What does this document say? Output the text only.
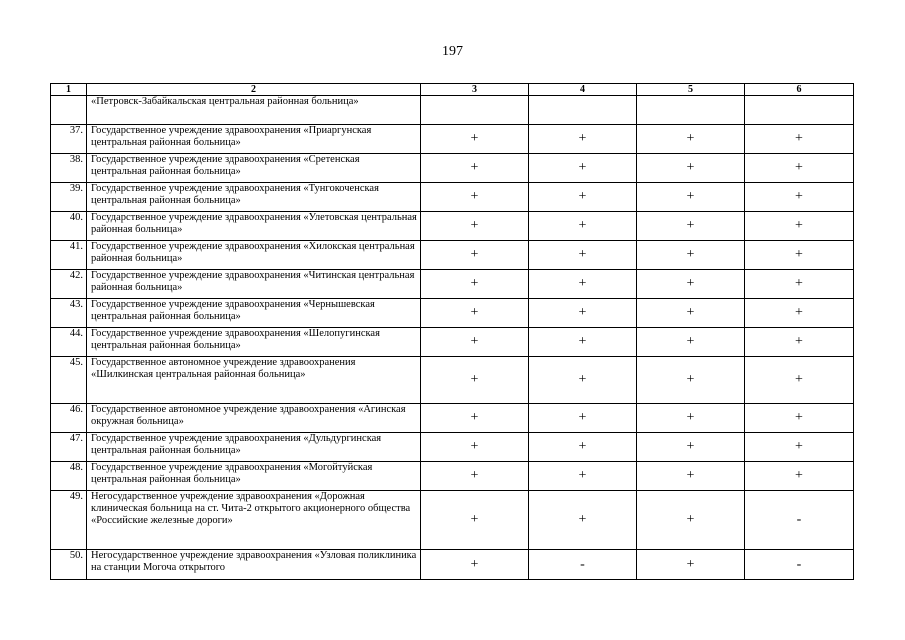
197
1	2	3	4	5	6
	«Петровск-Забайкальская центральная районная больница»				
37.	Государственное учреждение здравоохранения «Приаргунская центральная районная больница»	+	+	+	+
38.	Государственное учреждение здравоохранения «Сретенская центральная районная больница»	+	+	+	+
39.	Государственное учреждение здравоохранения «Тунгокоченская центральная районная больница»	+	+	+	+
40.	Государственное учреждение здравоохранения «Улетовская центральная районная больница»	+	+	+	+
41.	Государственное учреждение здравоохранения «Хилокская центральная районная больница»	+	+	+	+
42.	Государственное учреждение здравоохранения «Читинская центральная районная больница»	+	+	+	+
43.	Государственное учреждение здравоохранения «Чернышевская центральная районная больница»	+	+	+	+
44.	Государственное учреждение здравоохранения «Шелопугинская центральная районная больница»	+	+	+	+
45.	Государственное автономное учреждение здравоохранения «Шилкинская центральная районная больница»	+	+	+	+
46.	Государственное автономное учреждение здравоохранения «Агинская окружная больница»	+	+	+	+
47.	Государственное учреждение здравоохранения «Дульдургинская центральная районная больница»	+	+	+	+
48.	Государственное учреждение здравоохранения «Могойтуйская центральная районная больница»	+	+	+	+
49.	Негосударственное учреждение здравоохранения «Дорожная клиническая больница на ст. Чита-2 открытого акционерного общества «Российские железные дороги»	+	+	+	-
50.	Негосударственное учреждение здравоохранения «Узловая поликлиника на станции Могоча открытого	+	-	+	-
